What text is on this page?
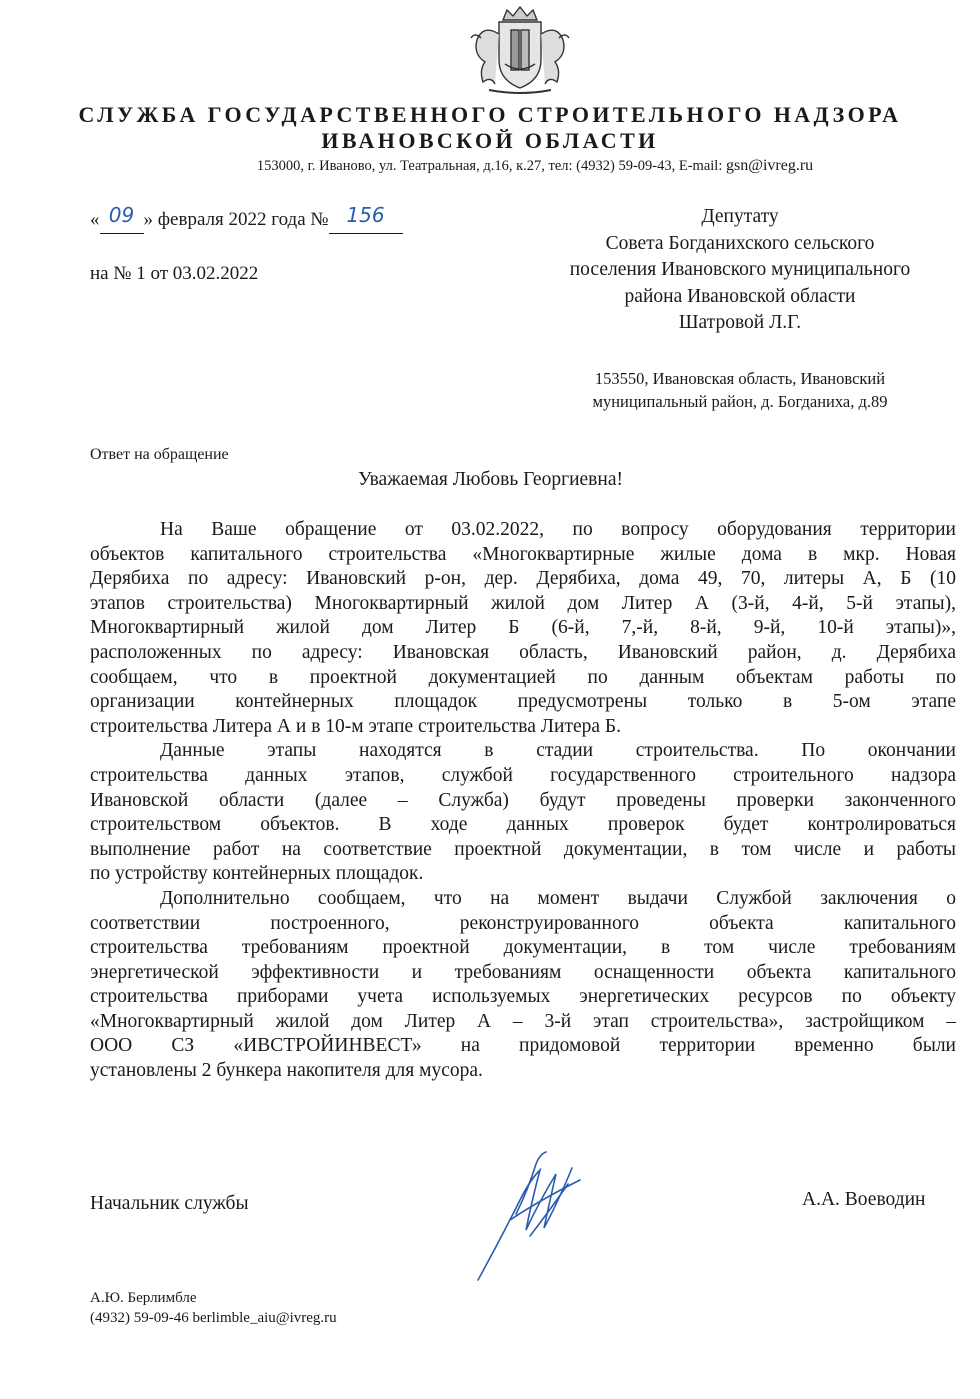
СЛУЖБА ГОСУДАРСТВЕННОГО СТРОИТЕЛЬНОГО НАДЗОРА
ИВАНОВСКОЙ ОБЛАСТИ
153000, г. Иваново, ул. Театральная, д.16, к.27, тел: (4932) 59-09-43, E-mail: gsn@ivreg.ru
« 09 » февраля 2022 года № 156
на № 1 от 03.02.2022
Депутату
Совета Богданихского сельского
поселения Ивановского муниципального
района Ивановской области
Шатровой Л.Г.
153550, Ивановская область, Ивановский
муниципальный район, д. Богданиха, д.89
Ответ на обращение
Уважаемая Любовь Георгиевна!

На Ваше обращение от 03.02.2022, по вопросу оборудования территории
объектов капитального строительства «Многоквартирные жилые дома в мкр. Новая
Дерябиха по адресу: Ивановский р-он, дер. Дерябиха, дома 49, 70, литеры А, Б (10
этапов строительства) Многоквартирный жилой дом Литер А (3-й, 4-й, 5-й этапы),
Многоквартирный жилой дом Литер Б (6-й, 7,-й, 8-й, 9-й, 10-й этапы)»,
расположенных по адресу: Ивановская область, Ивановский район, д. Дерябиха
сообщаем, что в проектной документацией по данным объектам работы по
организации контейнерных площадок предусмотрены только в 5-ом этапе
строительства Литера А и в 10-м этапе строительства Литера Б.

Данные этапы находятся в стадии строительства. По окончании
строительства данных этапов, службой государственного строительного надзора
Ивановской области (далее – Служба) будут проведены проверки законченного
строительством объектов. В ходе данных проверок будет контролироваться
выполнение работ на соответствие проектной документации, в том числе и работы
по устройству контейнерных площадок.

Дополнительно сообщаем, что на момент выдачи Службой заключения о
соответствии построенного, реконструированного объекта капитального
строительства требованиям проектной документации, в том числе требованиям
энергетической эффективности и требованиям оснащенности объекта капитального
строительства приборами учета используемых энергетических ресурсов по объекту
«Многоквартирный жилой дом Литер А – 3-й этап строительства», застройщиком –
ООО СЗ «ИВСТРОЙИНВЕСТ» на придомовой территории временно были
установлены 2 бункера накопителя для мусора.

Начальник службы	А.А. Воеводин
А.Ю. Берлимбле
(4932) 59-09-46 berlimble_aiu@ivreg.ru
